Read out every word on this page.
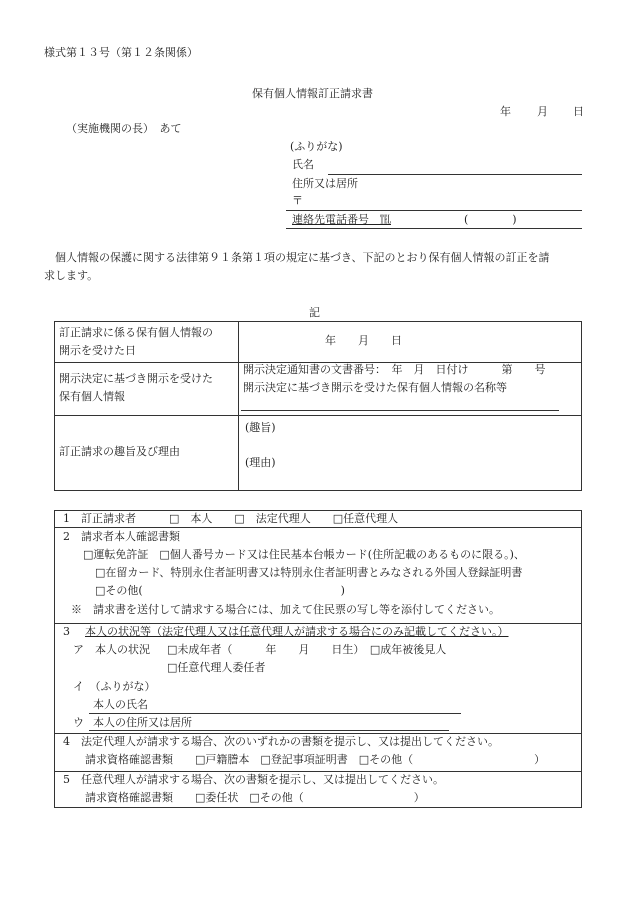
様式第１３号（第１２条関係）
保有個人情報訂正請求書
年 月 日
（実施機関の長）　あて
(ふりがな)
氏名
住所又は居所
〒
連絡先電話番号　℡	(　　　　)
　個人情報の保護に関する法律第９１条第１項の規定に基づき、下記のとおり保有個人情報の訂正を請
求します。
記
訂正請求に係る保有個人情報の
開示を受けた日
年　　月　　日
開示決定に基づき開示を受けた
保有個人情報
開示決定通知書の文書番号：　年　月　日付け　　　第　　号
開示決定に基づき開示を受けた保有個人情報の名称等
訂正請求の趣旨及び理由
(趣旨)
(理由)
1　訂正請求者　　　□　本人　　□　法定代理人　　□任意代理人
2　請求者本人確認書類
□運転免許証　□個人番号カード又は住民基本台帳カード(住所記載のあるものに限る。)、
□在留カード、特別永住者証明書又は特別永住者証明書とみなされる外国人登録証明書
□その他(　　　　　　　　　　　　　　　　　　)
※　請求書を送付して請求する場合には、加えて住民票の写し等を添付してください。
3 本人の状況等（法定代理人又は任意代理人が請求する場合にのみ記載してください。）
ア　本人の状況 □未成年者（　　　年　　月　　日生）　□成年被後見人
□任意代理人委任者
イ　（ふりがな）
本人の氏名
ウ 本人の住所又は居所
4　法定代理人が請求する場合、次のいずれかの書類を提示し、又は提出してください。
請求資格確認書類　　□戸籍謄本　□登記事項証明書　□その他（　　　　　　　　　　　）
5　任意代理人が請求する場合、次の書類を提示し、又は提出してください。
請求資格確認書類　　□委任状　□その他（　　　　　　　　　　）
